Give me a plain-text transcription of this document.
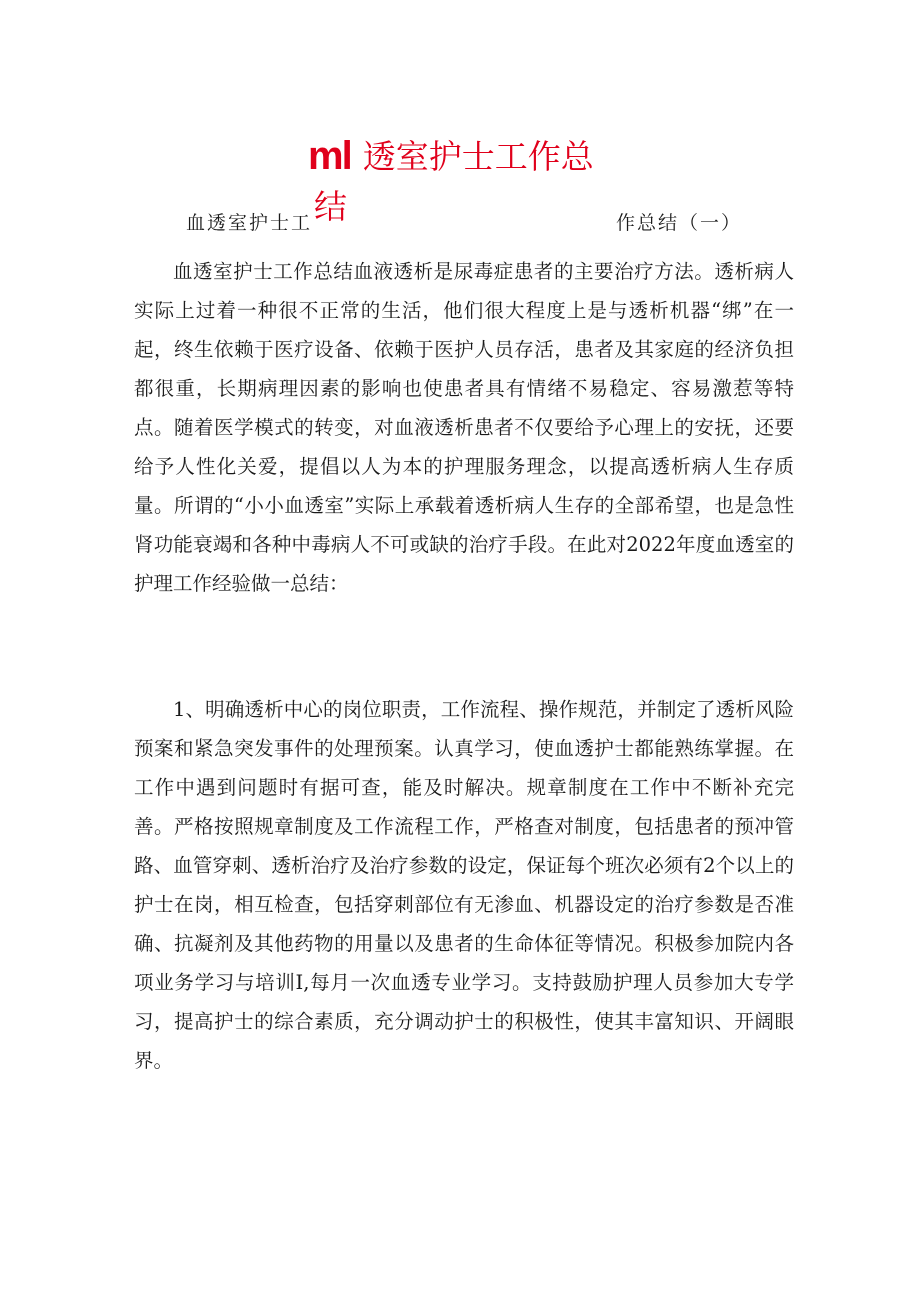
ml 透室护士工作总
结
血透室护士工	作总结（一）

血透室护士工作总结血液透析是尿毒症患者的主要治疗方法。透析病人实际上过着一种很不正常的生活，他们很大程度上是与透析机器“绑”在一起，终生依赖于医疗设备、依赖于医护人员存活，患者及其家庭的经济负担都很重，长期病理因素的影响也使患者具有情绪不易稳定、容易激惹等特点。随着医学模式的转变，对血液透析患者不仅要给予心理上的安抚，还要给予人性化关爱，提倡以人为本的护理服务理念，以提高透析病人生存质量。所谓的“小小血透室”实际上承载着透析病人生存的全部希望，也是急性肾功能衰竭和各种中毒病人不可或缺的治疗手段。在此对2022年度血透室的护理工作经验做一总结：

1、明确透析中心的岗位职责，工作流程、操作规范，并制定了透析风险预案和紧急突发事件的处理预案。认真学习，使血透护士都能熟练掌握。在工作中遇到问题时有据可查，能及时解决。规章制度在工作中不断补充完善。严格按照规章制度及工作流程工作，严格查对制度，包括患者的预冲管路、血管穿刺、透析治疗及治疗参数的设定，保证每个班次必须有2个以上的护士在岗，相互检查，包括穿刺部位有无渗血、机器设定的治疗参数是否准确、抗凝剂及其他药物的用量以及患者的生命体征等情况。积极参加院内各项业务学习与培训I,每月一次血透专业学习。支持鼓励护理人员参加大专学习，提高护士的综合素质，充分调动护士的积极性，使其丰富知识、开阔眼界。
